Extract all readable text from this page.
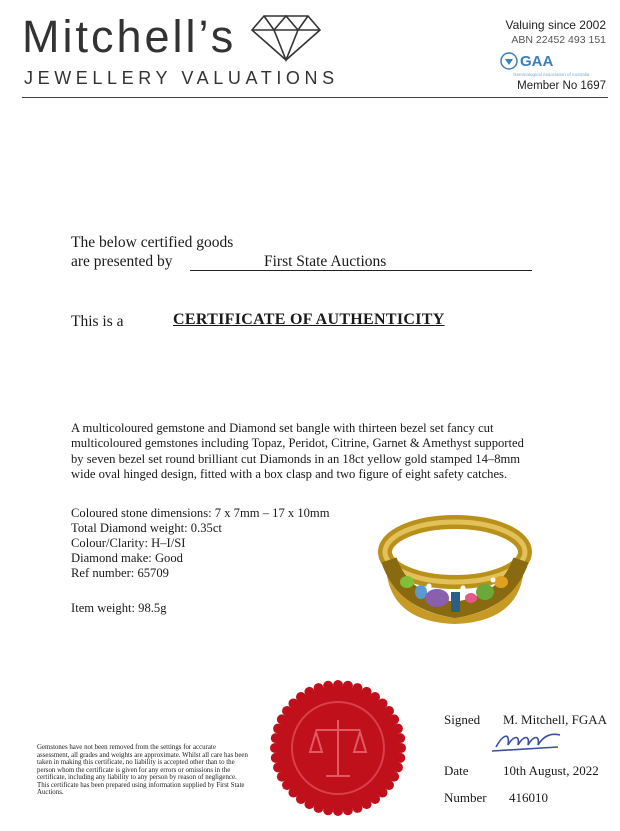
Mitchell’s
JEWELLERY VALUATIONS
Valuing since 2002
ABN 22452 493 151
GAA
Gemmological Association of Australia
Member No 1697
The below certified goods
are presented by	First State Auctions
This is a	CERTIFICATE OF AUTHENTICITY
A multicoloured gemstone and Diamond set bangle with thirteen bezel set fancy cut multicoloured gemstones including Topaz, Peridot, Citrine, Garnet & Amethyst supported by seven bezel set round brilliant cut Diamonds in an 18ct yellow gold stamped 14–8mm wide oval hinged design, fitted with a box clasp and two figure of eight safety catches.
Coloured stone dimensions: 7 x 7mm – 17 x 10mm
Total Diamond weight: 0.35ct
Colour/Clarity: H–I/SI
Diamond make: Good
Ref number: 65709
Item weight: 98.5g
Gemstones have not been removed from the settings for accurate assessment, all grades and weights are approximate. Whilst all care has been taken in making this certificate, no liability is accepted other than to the person whom the certificate is given for any errors or omissions in the certificate, including any liability to any person by reason of negligence. This certificate has been prepared using information supplied by First State Auctions.
Signed M. Mitchell, FGAA
Date	10th August, 2022
Number 416010
